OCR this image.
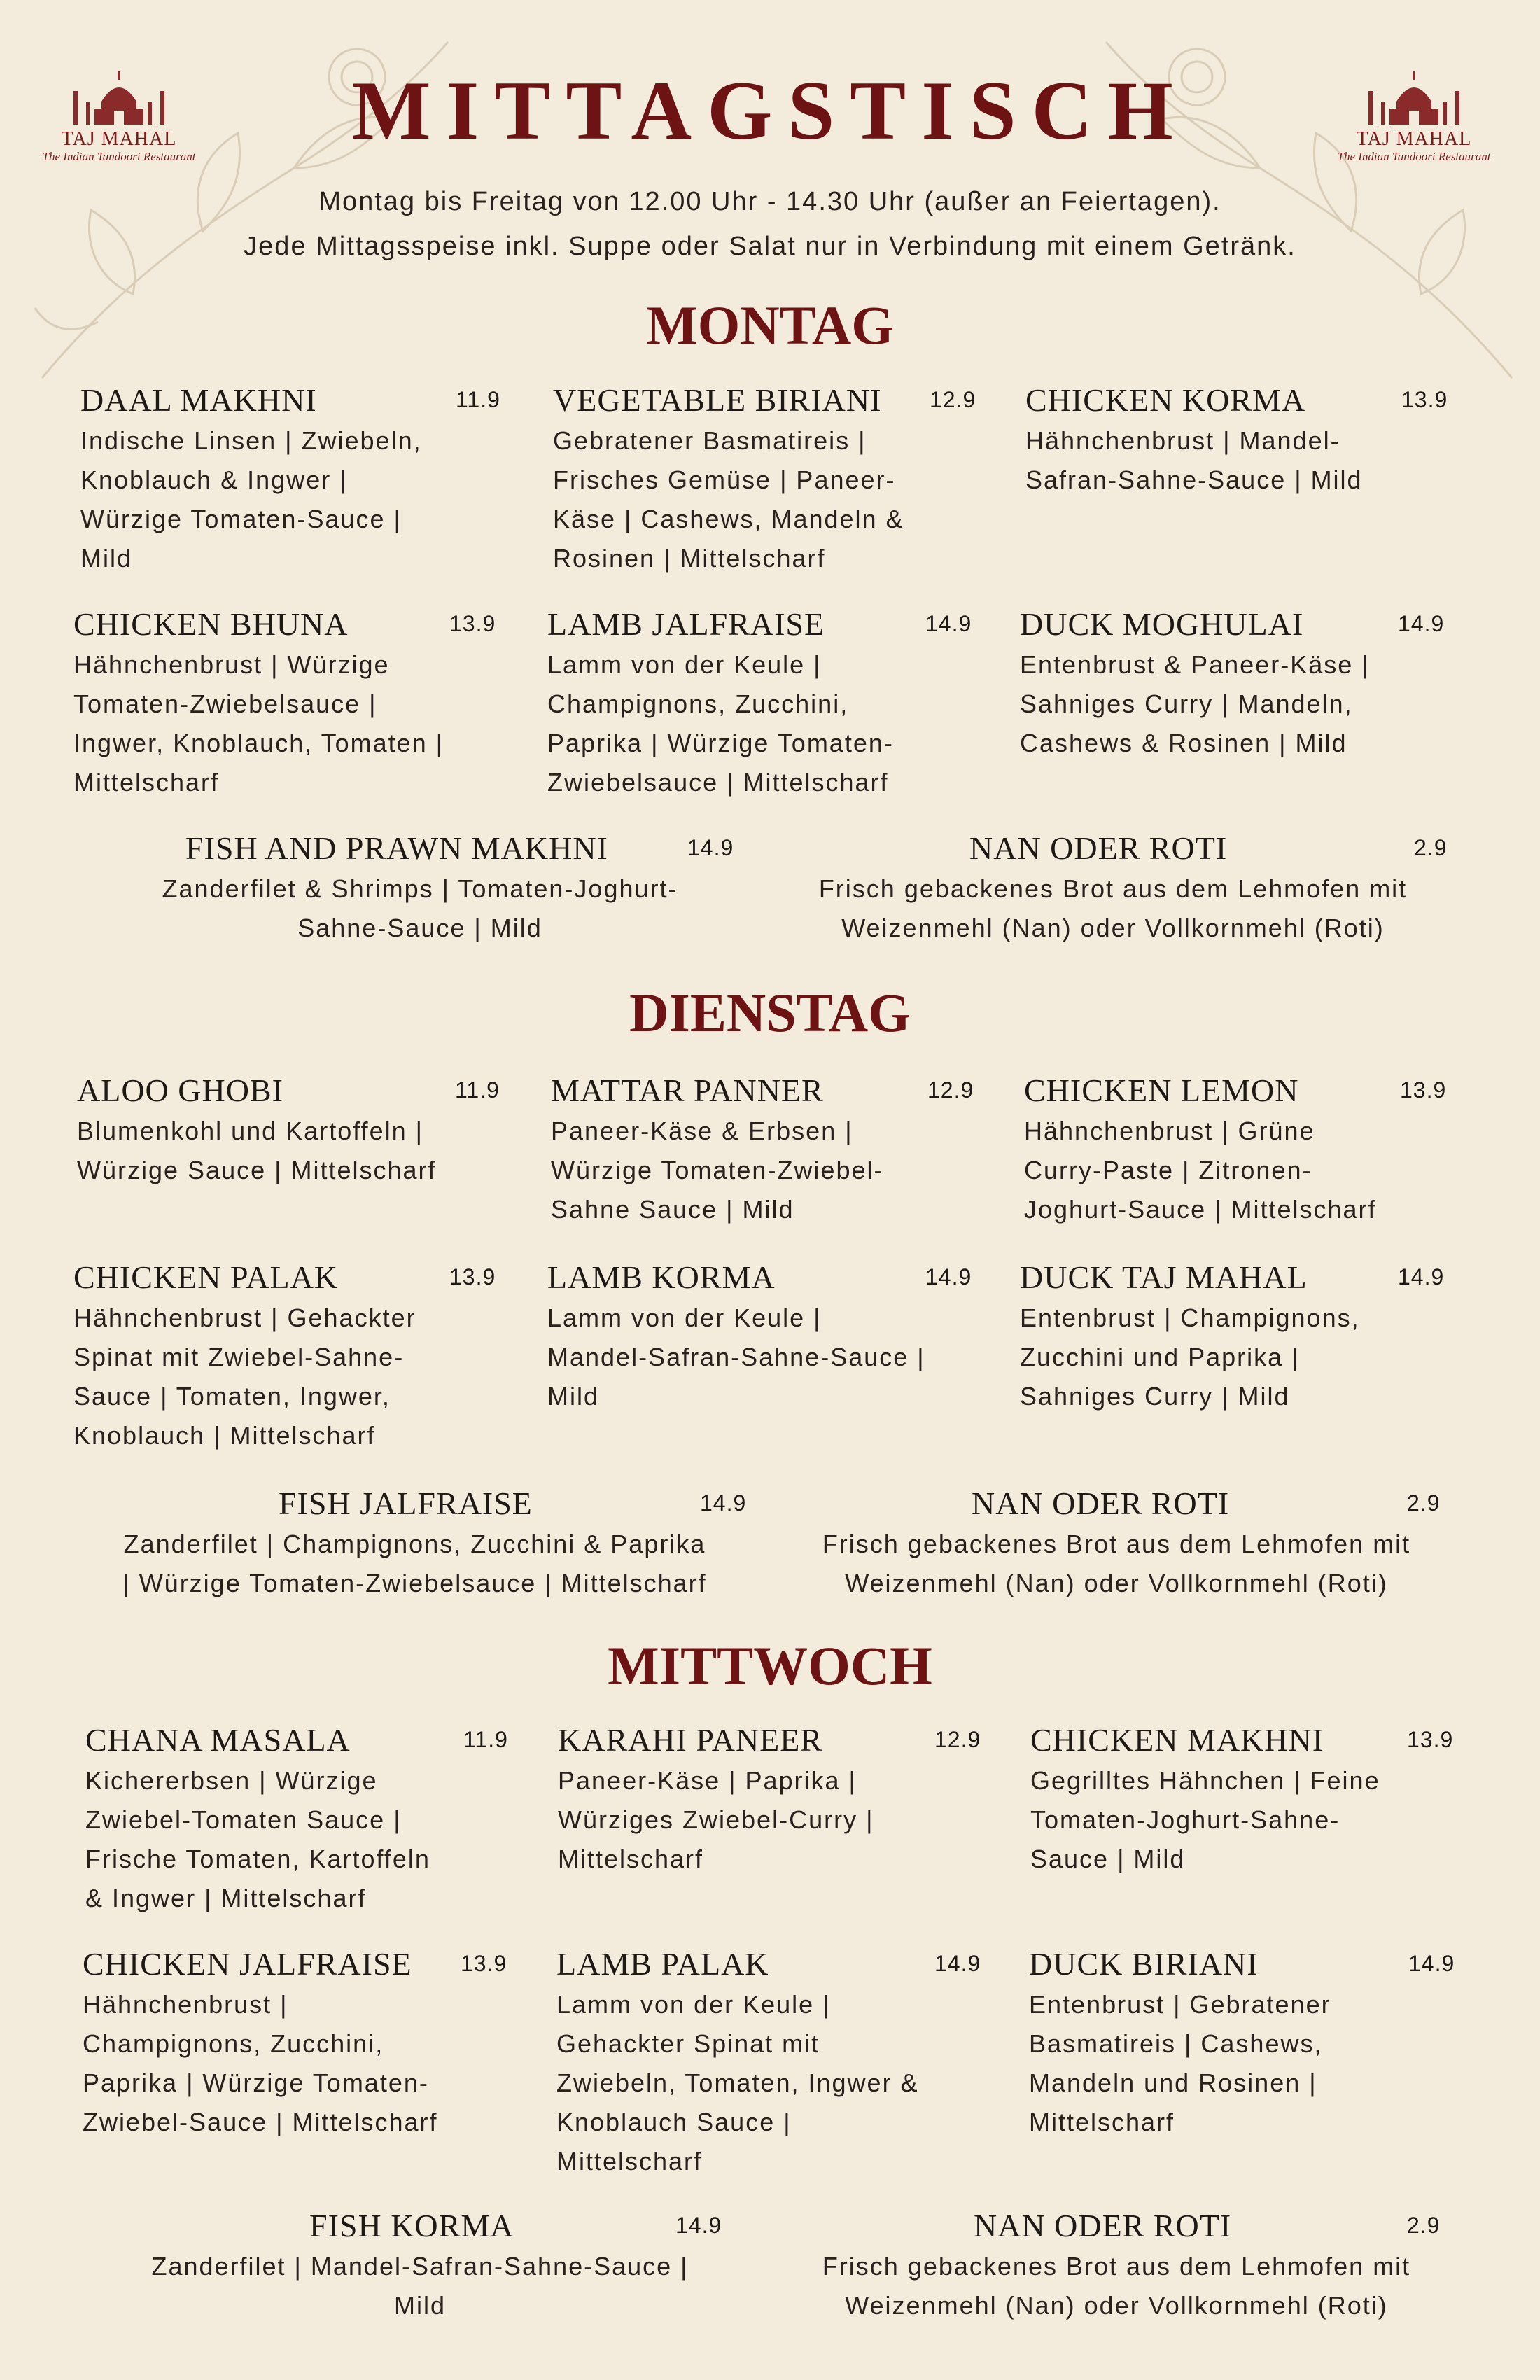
TAJ MAHAL
The Indian Tandoori Restaurant
TAJ MAHAL
The Indian Tandoori Restaurant
MITTAGSTISCH
Montag bis Freitag von 12.00 Uhr - 14.30 Uhr (außer an Feiertagen).
Jede Mittagsspeise inkl. Suppe oder Salat nur in Verbindung mit einem Getränk.
MONTAG
DAAL MAKHNI	11.9
Indische Linsen | Zwiebeln,
Knoblauch & Ingwer |
Würzige Tomaten-Sauce |
Mild
VEGETABLE BIRIANI 12.9
Gebratener Basmatireis |
Frisches Gemüse | Paneer-
Käse | Cashews, Mandeln &
Rosinen | Mittelscharf
CHICKEN KORMA	13.9
Hähnchenbrust | Mandel-
Safran-Sahne-Sauce | Mild
CHICKEN BHUNA	13.9
Hähnchenbrust | Würzige
Tomaten-Zwiebelsauce |
Ingwer, Knoblauch, Tomaten |
Mittelscharf
LAMB JALFRAISE	14.9
Lamm von der Keule |
Champignons, Zucchini,
Paprika | Würzige Tomaten-
Zwiebelsauce | Mittelscharf
DUCK MOGHULAI	14.9
Entenbrust & Paneer-Käse |
Sahniges Curry | Mandeln,
Cashews & Rosinen | Mild
FISH AND PRAWN MAKHNI	14.9
Zanderfilet & Shrimps | Tomaten-Joghurt-
Sahne-Sauce | Mild
NAN ODER ROTI	2.9
Frisch gebackenes Brot aus dem Lehmofen mit
Weizenmehl (Nan) oder Vollkornmehl (Roti)
DIENSTAG
ALOO GHOBI	11.9
Blumenkohl und Kartoffeln |
Würzige Sauce | Mittelscharf
MATTAR PANNER	12.9
Paneer-Käse & Erbsen |
Würzige Tomaten-Zwiebel-
Sahne Sauce | Mild
CHICKEN LEMON	13.9
Hähnchenbrust | Grüne
Curry-Paste | Zitronen-
Joghurt-Sauce | Mittelscharf
CHICKEN PALAK	13.9
Hähnchenbrust | Gehackter
Spinat mit Zwiebel-Sahne-
Sauce | Tomaten, Ingwer,
Knoblauch | Mittelscharf
LAMB KORMA	14.9
Lamm von der Keule |
Mandel-Safran-Sahne-Sauce |
Mild
DUCK TAJ MAHAL	14.9
Entenbrust | Champignons,
Zucchini und Paprika |
Sahniges Curry | Mild
FISH JALFRAISE	14.9
Zanderfilet | Champignons, Zucchini & Paprika
| Würzige Tomaten-Zwiebelsauce | Mittelscharf
NAN ODER ROTI	2.9
Frisch gebackenes Brot aus dem Lehmofen mit
Weizenmehl (Nan) oder Vollkornmehl (Roti)
MITTWOCH
CHANA MASALA	11.9
Kichererbsen | Würzige
Zwiebel-Tomaten Sauce |
Frische Tomaten, Kartoffeln
& Ingwer | Mittelscharf
KARAHI PANEER	12.9
Paneer-Käse | Paprika |
Würziges Zwiebel-Curry |
Mittelscharf
CHICKEN MAKHNI	13.9
Gegrilltes Hähnchen | Feine
Tomaten-Joghurt-Sahne-
Sauce | Mild
CHICKEN JALFRAISE 13.9
Hähnchenbrust |
Champignons, Zucchini,
Paprika | Würzige Tomaten-
Zwiebel-Sauce | Mittelscharf
LAMB PALAK	14.9
Lamm von der Keule |
Gehackter Spinat mit
Zwiebeln, Tomaten, Ingwer &
Knoblauch Sauce |
Mittelscharf
DUCK BIRIANI	14.9
Entenbrust | Gebratener
Basmatireis | Cashews,
Mandeln und Rosinen |
Mittelscharf
FISH KORMA	14.9
Zanderfilet | Mandel-Safran-Sahne-Sauce |
Mild
NAN ODER ROTI	2.9
Frisch gebackenes Brot aus dem Lehmofen mit
Weizenmehl (Nan) oder Vollkornmehl (Roti)
